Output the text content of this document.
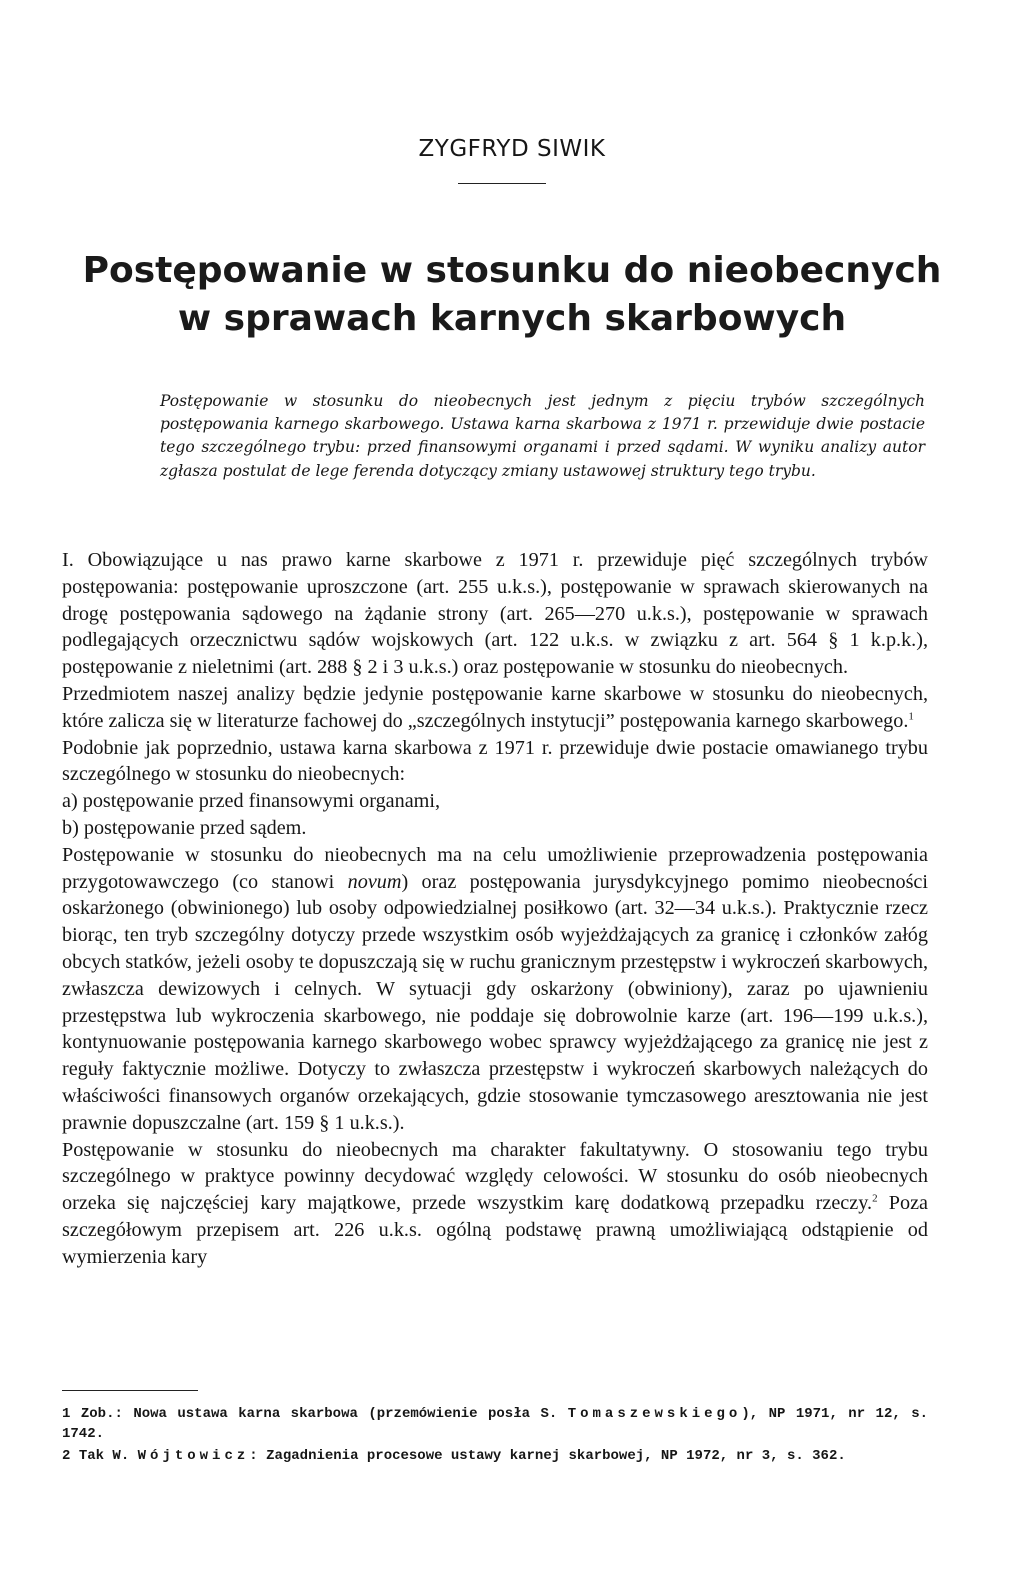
ZYGFRYD SIWIK
Postępowanie w stosunku do nieobecnych
w sprawach karnych skarbowych
Postępowanie w stosunku do nieobecnych jest jednym z pięciu trybów szczególnych postępowania karnego skarbowego. Ustawa karna skarbowa z 1971 r. przewiduje dwie postacie tego szczególnego trybu: przed finansowymi organami i przed sądami. W wyniku analizy autor zgłasza postulat de lege ferenda dotyczący zmiany ustawowej struktury tego trybu.

I. Obowiązujące u nas prawo karne skarbowe z 1971 r. przewiduje pięć szczególnych trybów postępowania: postępowanie uproszczone (art. 255 u.k.s.), postępowanie w sprawach skierowanych na drogę postępowania sądowego na żądanie strony (art. 265—270 u.k.s.), postępowanie w sprawach podlegających orzecznictwu sądów wojskowych (art. 122 u.k.s. w związku z art. 564 § 1 k.p.k.), postępowanie z nieletnimi (art. 288 § 2 i 3 u.k.s.) oraz postępowanie w stosunku do nieobecnych.

Przedmiotem naszej analizy będzie jedynie postępowanie karne skarbowe w stosunku do nieobecnych, które zalicza się w literaturze fachowej do „szczególnych instytucji” postępowania karnego skarbowego.$^1$

Podobnie jak poprzednio, ustawa karna skarbowa z 1971 r. przewiduje dwie postacie omawianego trybu szczególnego w stosunku do nieobecnych:

a) postępowanie przed finansowymi organami,

b) postępowanie przed sądem.

Postępowanie w stosunku do nieobecnych ma na celu umożliwienie przeprowadzenia postępowania przygotowawczego (co stanowi novum) oraz postępowania jurysdykcyjnego pomimo nieobecności oskarżonego (obwinionego) lub osoby odpowiedzialnej posiłkowo (art. 32—34 u.k.s.). Praktycznie rzecz biorąc, ten tryb szczególny dotyczy przede wszystkim osób wyjeżdżających za granicę i członków załóg obcych statków, jeżeli osoby te dopuszczają się w ruchu granicznym przestępstw i wykroczeń skarbowych, zwłaszcza dewizowych i celnych. W sytuacji gdy oskarżony (obwiniony), zaraz po ujawnieniu przestępstwa lub wykroczenia skarbowego, nie poddaje się dobrowolnie karze (art. 196—199 u.k.s.), kontynuowanie postępowania karnego skarbowego wobec sprawcy wyjeżdżającego za granicę nie jest z reguły faktycznie możliwe. Dotyczy to zwłaszcza przestępstw i wykroczeń skarbowych należących do właściwości finansowych organów orzekających, gdzie stosowanie tymczasowego aresztowania nie jest prawnie dopuszczalne (art. 159 § 1 u.k.s.).

Postępowanie w stosunku do nieobecnych ma charakter fakultatywny. O stosowaniu tego trybu szczególnego w praktyce powinny decydować względy celowości. W stosunku do osób nieobecnych orzeka się najczęściej kary majątkowe, przede wszystkim karę dodatkową przepadku rzeczy.$^2$ Poza szczegółowym przepisem art. 226 u.k.s. ogólną podstawę prawną umożliwiającą odstąpienie od wymierzenia kary

1 Zob.: Nowa ustawa karna skarbowa (przemówienie posła S. Tomaszewskiego), NP 1971, nr 12, s. 1742.

2 Tak W. Wójtowicz: Zagadnienia procesowe ustawy karnej skarbowej, NP 1972, nr 3, s. 362.
